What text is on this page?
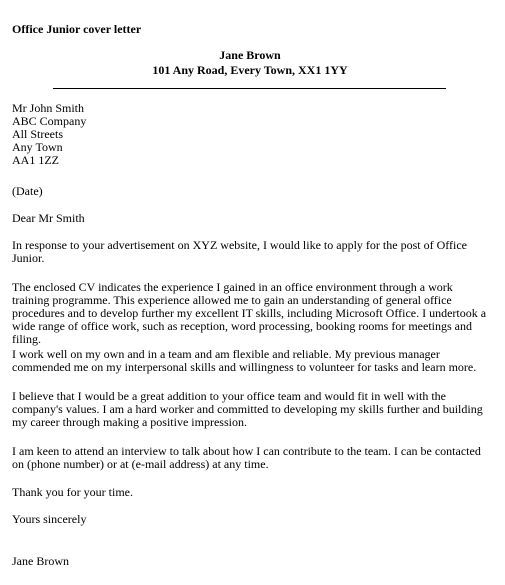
Office Junior cover letter
Jane Brown
101 Any Road, Every Town, XX1 1YY
Mr John Smith
ABC Company
All Streets
Any Town
AA1 1ZZ
(Date)
Dear Mr Smith
In response to your advertisement on XYZ website, I would like to apply for the post of Office Junior.
The enclosed CV indicates the experience I gained in an office environment through a work training programme. This experience allowed me to gain an understanding of general office procedures and to develop further my excellent IT skills, including Microsoft Office. I undertook a wide range of office work, such as reception, word processing, booking rooms for meetings and filing.
I work well on my own and in a team and am flexible and reliable. My previous manager commended me on my interpersonal skills and willingness to volunteer for tasks and learn more.
I believe that I would be a great addition to your office team and would fit in well with the company's values. I am a hard worker and committed to developing my skills further and building my career through making a positive impression.
I am keen to attend an interview to talk about how I can contribute to the team. I can be contacted on (phone number) or at (e-mail address) at any time.
Thank you for your time.
Yours sincerely
Jane Brown
